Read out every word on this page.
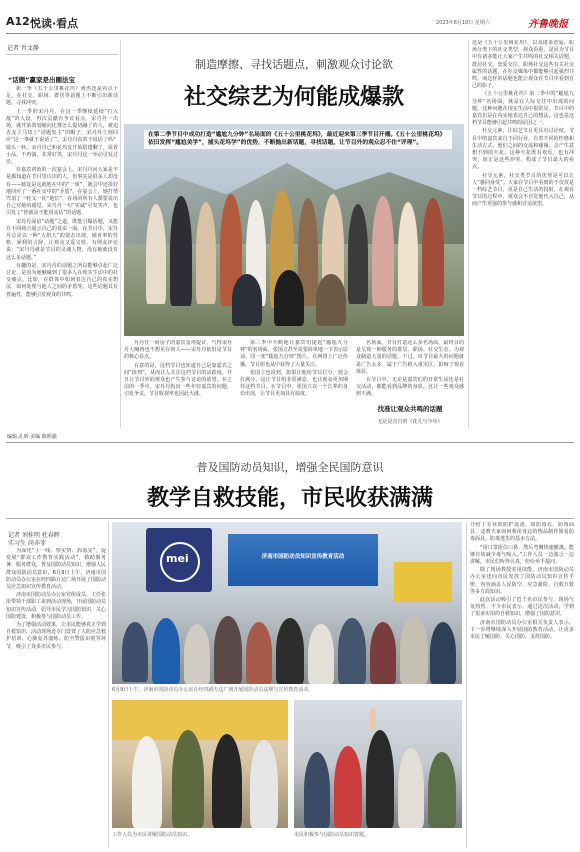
A12 悦读·看点	2023年6月10日 星期六	齐鲁晚报
记者 肖文静
制造摩擦、寻找话题点，刺激观众讨论欲
社交综艺为何能成爆款
“话题”赢家是出圈法宝

新一季《五十公里桃花坞》黄杰还是看点十足，在社交、职场、群居等话题上不断引出新话题，寻找冲突。

上一季的宋丹丹，在这一季继续延续“打入敌”的人设，再次贡献有争议看点。宋丹丹一出场，就开始策划她向比赛怎么提切融了的人，被迫否友立马知上“话题发主”的帽子，宋丹丹立刻回应“这一事就不说话了”。宋丹丹真的不说话了吗？镜头一转，宋丹丹已和花坞友开始搭建聊了，说着小品，不再演，非常好笑，宋丹丹这一举动引发讨论。

在嘉宾初始的一次宴会上，宋丹丹问大家是不是都知道在节目里认识的人，但事实是很多人却没有——她这是这就地在中的“一姐”，她会中还很好地回应了一番社交中的“矛盾”。在宴会上，她打情骂俏了一轮又一轮“地位”，在场的所有人都要说出自己对她的感觉。宋丹丹一句“实诚”引发笑声，也引发了“你就是不能说实话”的话题。

宋丹丹深谙“话题”之道，既能引爆话题，又能在不同场合展示自己的真实一面。在节目中，宋丹丹总是以一种“大姐大”的姿态出现，她直率的性格、犀利的言辞，让观众又爱又恨。有网友评论说：“宋丹丹就是节目的灵魂人物，没有她就没有这么多话题。”

有趣的是，宋丹丹的话题之所以能够引起广泛讨论，是因为她触碰到了很多人在现实生活中的社交痛点。比如，在群体中如何表达自己的真实想法，如何处理与他人之间的矛盾等。这些话题具有普遍性，能够引发观众的共鸣。

在第二季节目中成功打造“尴尬九分钟”名场面的《五十公里桃花坞》，最近迎来第三季节目开播。《五十公里桃花坞》依旧发挥“尴尬美学”，捕头花坞学”的优势，不断抛出新话题，寻找话题，让节目外的观众忍不住“评理”。

丹丹住一间房子的嘉宾金靖提议，气得宋丹丹大喊再也不想见在何人——宋丹丹依旧是节目的核心看点。

有意的是，这档节目也知道自己是靠嘉宾之间“批判”，从而让人关注这档节目的活跃度，并且让节目外的观众也产生参与讨论的欲望。在之前的一季中，宋丹丹指出一些年轻嘉宾的问题，引发争议，节目收视率也因此大涨。

第三季中不断地让嘉宾们提起“尴尬九分钟”的名场面，张国立甚至说要简单地一下表示原谅。同一张“尴尬九分钟”图片，在网络上广泛传播，节目组也从中获得了大量关注。

张国立也说到，如果让他给节目打分，他会打满分，这让节目组非常满意，也让观众更加期待这档节目。在节目中，张国立以一个长辈的身份出现，让节目更加具有温度。

名场面。节目打造这么多名场面，最终目的是呈现一种服务的群居、职场、社交生态。为观众制造大量的话题。不过，该节目最大的问题就是广告太多，属于广告植入重灾区，影响了观看体验。

在节目中，无论是嘉宾们的日常生活还是社交活动，都能看到品牌的身影，这让一些观众感到不满。

找准让观众共鸣的话题
无论是宣自的《花儿与少年》

还是《五十公里桃花坞》，以及诸多恋爱、职场分类下的社交类型，观众看重，是因为节目中有诸多能让大家产生共鸣的社交相关话题，群居社交、恋爱交往、职场社交这些有关社交属性的话题，在社交媒体中都能够引起强烈共鸣，而这样的话题也能让观众在节目中看到自己的影子。

《五十公里桃花坞》第二季中的“尴尬九分钟”名场面，就是在人际交往中出现的问题，这种问题在现实生活中很常见。节目中的嘉宾们是在真实地表达自己的想法，这也是这档节目能够引起共鸣的原因之一。

社交元素，让综艺节目更具有讨论度。节目中的嘉宾来自不同行业，有着不同的性格和生活方式，他们之间的交流和碰撞，会产生意想不到的火花。这种火花既有欢乐，也有冲突，而正是这些冲突，构成了节目最大的看点。

社交元素，社交类节目的优势是可以让人“感同身受”。大家在节目中看到的不仅仅是一档综艺节目，更是自己生活的投射，在观看节目的过程中，观众会不自觉地代入自己，从而产生更强的参与感和讨论欲望。

编辑 孔昕 美编 陈明强
普及国防动员知识，增强全民国防意识
教学自救技能，市民收获满满

记者 刘桂明 杜春晖
实习生 尚亦菲

为深化“上一线、察实情、抓落实”，促发展“群众工作教育实践活动”，救助服务暑，服务群众，普及国防动员知识，增强人民群众国防动员意识，6月9日上午，济南市国防动员办公室在经四路万达广场开展了国防动员应急知识宣传教育活动。

济南市国防动员办公室党组成员、主任张彤带领干部职工来到活动现场，开展国防动员知识宣传活动，倡导市民学习国防知识，关心国防建设，积极参与国防动员工作。

为了增强活动效果，让市民能够真正学到自救知识，活动现场还专门设置了人防应急救护培训、心肺复苏演练、防空警报识别等环节，吸引了众多市民参与。

mei	济南市国防动员知识宣传教育活动
6月9日上午，济南市国防动员办公室在经四路万达广场开展国防动员法规与宣传教育活动。
工作人员为市民讲解国防动员知识。	市民积极参与国防动员知识答题。

介绍了专业的防护设备，如防毒衣、防毒面具，还教大家如何利用身边的物品制作简易防毒面具，防毒逃生的基本方法。

“用口罩捂住口鼻，然后弯腰快速撤离，能够有效减少毒气吸入。”工作人员一边演示一边讲解，市民们听得认真，纷纷举手提问。

除了现场教授实用技能，济南市国防动员办公室还向市民发放了国防动员知识宣传手册，内容涵盖人民防空、应急避险、自救互救等多方面知识。

此次活动吸引了近千名市民参与，现场气氛热烈。不少市民表示，通过这次活动，学到了很多实用的自救知识，增强了国防意识。

济南市国防动员办公室相关负责人表示，下一步将继续深入开展国防教育活动，让更多市民了解国防、关心国防、支持国防。
